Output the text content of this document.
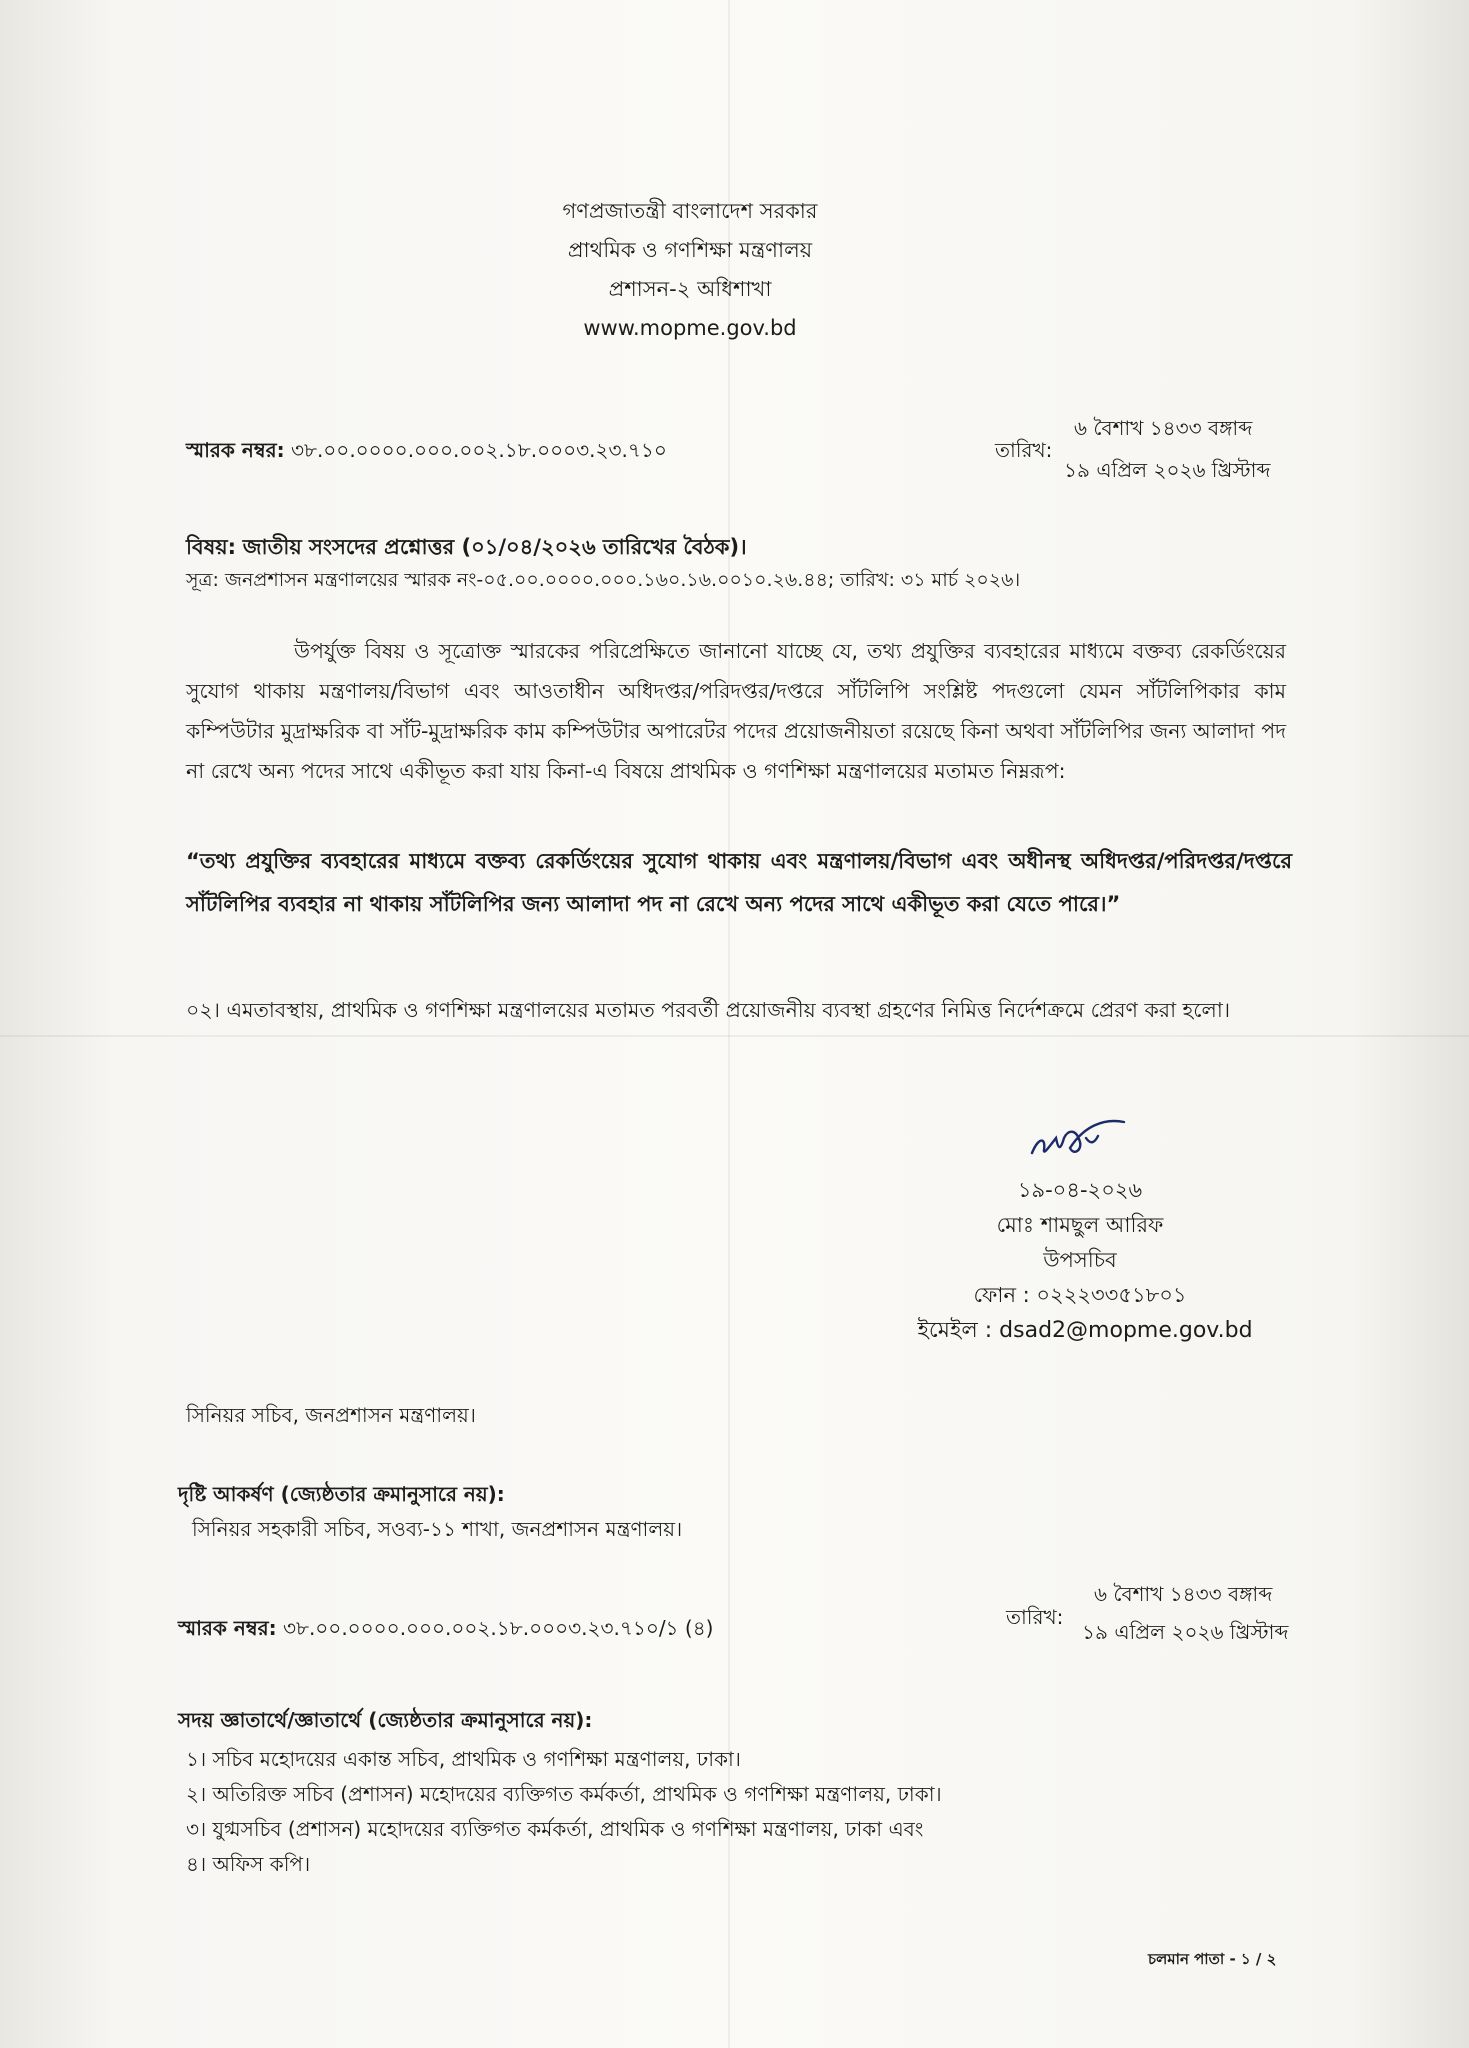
গণপ্রজাতন্ত্রী বাংলাদেশ সরকার
প্রাথমিক ও গণশিক্ষা মন্ত্রণালয়
প্রশাসন-২ অধিশাখা
www.mopme.gov.bd
স্মারক নম্বর: ৩৮.০০.০০০০.০০০.০০২.১৮.০০০৩.২৩.৭১০	তারিখ:
৬ বৈশাখ ১৪৩৩ বঙ্গাব্দ
১৯ এপ্রিল ২০২৬ খ্রিস্টাব্দ
বিষয়: জাতীয় সংসদের প্রশ্নোত্তর (০১/০৪/২০২৬ তারিখের বৈঠক)।
সূত্র: জনপ্রশাসন মন্ত্রণালয়ের স্মারক নং-০৫.০০.০০০০.০০০.১৬০.১৬.০০১০.২৬.৪৪; তারিখ: ৩১ মার্চ ২০২৬।
উপর্যুক্ত বিষয় ও সূত্রোক্ত স্মারকের পরিপ্রেক্ষিতে জানানো যাচ্ছে যে, তথ্য প্রযুক্তির ব্যবহারের মাধ্যমে বক্তব্য রেকর্ডিংয়ের সুযোগ থাকায় মন্ত্রণালয়/বিভাগ এবং আওতাধীন অধিদপ্তর/পরিদপ্তর/দপ্তরে সাঁটলিপি সংশ্লিষ্ট পদগুলো যেমন সাঁটলিপিকার কাম কম্পিউটার মুদ্রাক্ষরিক বা সাঁট-মুদ্রাক্ষরিক কাম কম্পিউটার অপারেটর পদের প্রয়োজনীয়তা রয়েছে কিনা অথবা সাঁটলিপির জন্য আলাদা পদ না রেখে অন্য পদের সাথে একীভূত করা যায় কিনা-এ বিষয়ে প্রাথমিক ও গণশিক্ষা মন্ত্রণালয়ের মতামত নিম্নরূপ:
“তথ্য প্রযুক্তির ব্যবহারের মাধ্যমে বক্তব্য রেকর্ডিংয়ের সুযোগ থাকায় এবং মন্ত্রণালয়/বিভাগ এবং অধীনস্থ অধিদপ্তর/পরিদপ্তর/দপ্তরে সাঁটলিপির ব্যবহার না থাকায় সাঁটলিপির জন্য আলাদা পদ না রেখে অন্য পদের সাথে একীভূত করা যেতে পারে।”
০২। এমতাবস্থায়, প্রাথমিক ও গণশিক্ষা মন্ত্রণালয়ের মতামত পরবর্তী প্রয়োজনীয় ব্যবস্থা গ্রহণের নিমিত্ত নির্দেশক্রমে প্রেরণ করা হলো।
১৯-০৪-২০২৬
মোঃ শামছুল আরিফ
উপসচিব
ফোন : ০২২২৩৩৫১৮০১
ইমেইল : dsad2@mopme.gov.bd
সিনিয়র সচিব, জনপ্রশাসন মন্ত্রণালয়।
দৃষ্টি আকর্ষণ (জ্যেষ্ঠতার ক্রমানুসারে নয়):
সিনিয়র সহকারী সচিব, সওব্য-১১ শাখা, জনপ্রশাসন মন্ত্রণালয়।
স্মারক নম্বর: ৩৮.০০.০০০০.০০০.০০২.১৮.০০০৩.২৩.৭১০/১ (৪)	তারিখ:
৬ বৈশাখ ১৪৩৩ বঙ্গাব্দ
১৯ এপ্রিল ২০২৬ খ্রিস্টাব্দ
সদয় জ্ঞাতার্থে/জ্ঞাতার্থে (জ্যেষ্ঠতার ক্রমানুসারে নয়):
১। সচিব মহোদয়ের একান্ত সচিব, প্রাথমিক ও গণশিক্ষা মন্ত্রণালয়, ঢাকা।
২। অতিরিক্ত সচিব (প্রশাসন) মহোদয়ের ব্যক্তিগত কর্মকর্তা, প্রাথমিক ও গণশিক্ষা মন্ত্রণালয়, ঢাকা।
৩। যুগ্মসচিব (প্রশাসন) মহোদয়ের ব্যক্তিগত কর্মকর্তা, প্রাথমিক ও গণশিক্ষা মন্ত্রণালয়, ঢাকা এবং
৪। অফিস কপি।
চলমান পাতা - ১ / ২
